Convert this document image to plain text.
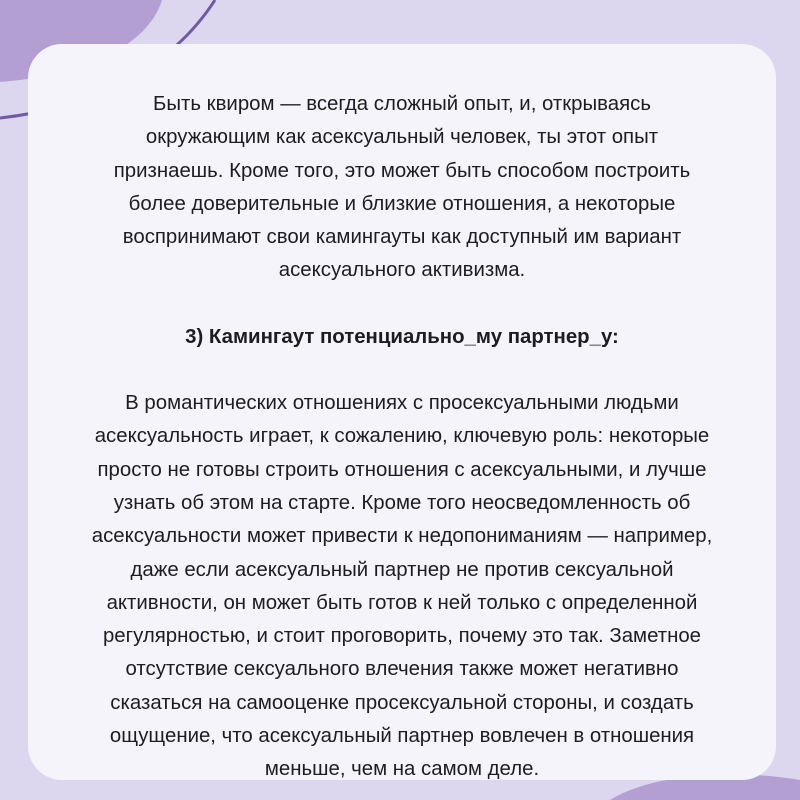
Быть квиром — всегда сложный опыт, и, открываясь
окружающим как асексуальный человек, ты этот опыт
признаешь. Кроме того, это может быть способом построить
более доверительные и близкие отношения, а некоторые
воспринимают свои камингауты как доступный им вариант
асексуального активизма.

3) Камингаут потенциально_му партнер_у:

В романтических отношениях с просексуальными людьми
асексуальность играет, к сожалению, ключевую роль: некоторые
просто не готовы строить отношения с асексуальными, и лучше
узнать об этом на старте. Кроме того неосведомленность об
асексуальности может привести к недопониманиям — например,
даже если асексуальный партнер не против сексуальной
активности, он может быть готов к ней только с определенной
регулярностью, и стоит проговорить, почему это так. Заметное
отсутствие сексуального влечения также может негативно
сказаться на самооценке просексуальной стороны, и создать
ощущение, что асексуальный партнер вовлечен в отношения
меньше, чем на самом деле.
